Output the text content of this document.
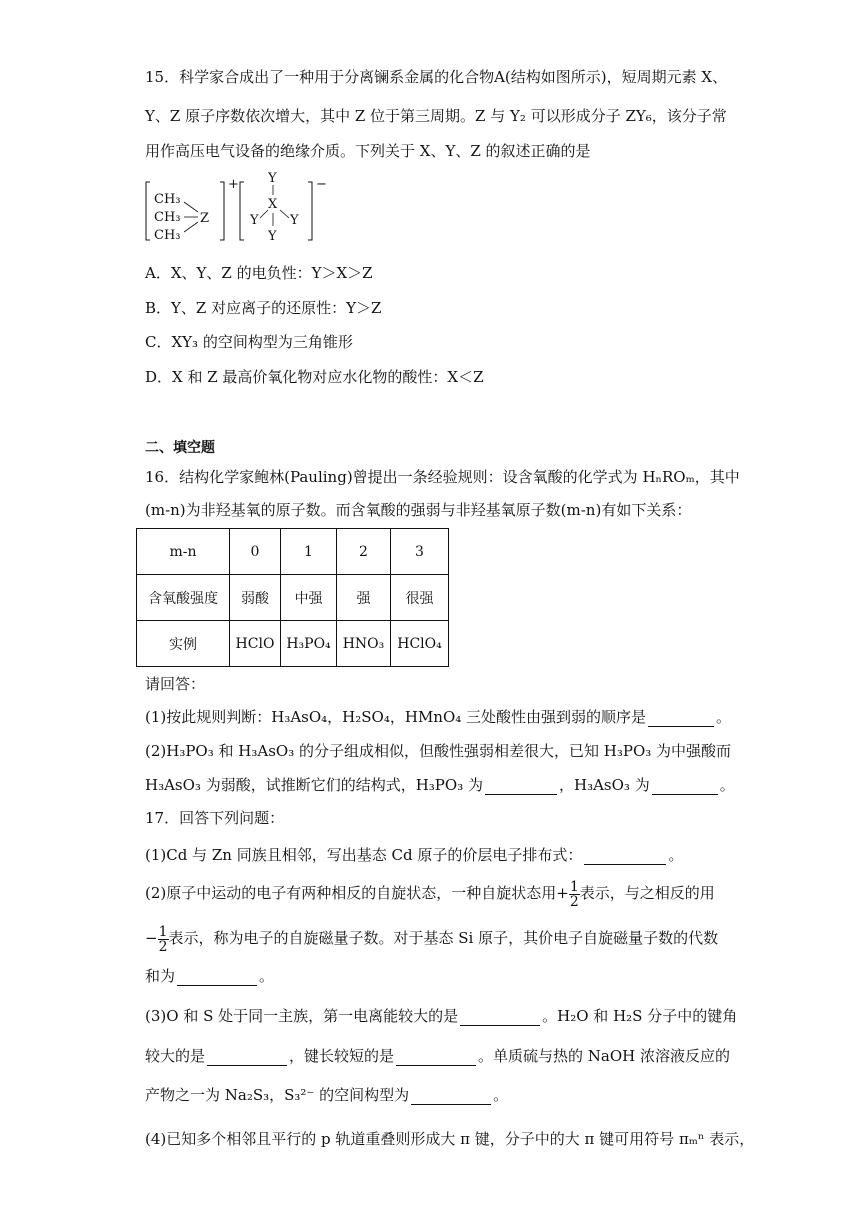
15．科学家合成出了一种用于分离镧系金属的化合物A(结构如图所示)，短周期元素 X、
Y、Z 原子序数依次增大，其中 Z 位于第三周期。Z 与 Y₂ 可以形成分子 ZY₆，该分子常
用作高压电气设备的绝缘介质。下列关于 X、Y、Z 的叙述正确的是
CH₃
CH₃
CH₃
Z
+ Y
X
Y Y
Y
−
A．X、Y、Z 的电负性：Y＞X＞Z
B．Y、Z 对应离子的还原性：Y＞Z
C．XY₃ 的空间构型为三角锥形
D．X 和 Z 最高价氧化物对应水化物的酸性：X＜Z
二、填空题
16．结构化学家鲍林(Pauling)曾提出一条经验规则：设含氧酸的化学式为 HₙROₘ，其中
(m-n)为非羟基氧的原子数。而含氧酸的强弱与非羟基氧原子数(m-n)有如下关系：
m-n	0	1	2	3
含氧酸强度	弱酸	中强	强	很强
实例	HClO	H₃PO₄	HNO₃	HClO₄
请回答：
(1)按此规则判断：H₃AsO₄，H₂SO₄，HMnO₄ 三处酸性由强到弱的顺序是	。
(2)H₃PO₃ 和 H₃AsO₃ 的分子组成相似，但酸性强弱相差很大，已知 H₃PO₃ 为中强酸而
H₃AsO₃ 为弱酸，试推断它们的结构式，H₃PO₃ 为	，H₃AsO₃ 为	。
17．回答下列问题：
(1)Cd 与 Zn 同族且相邻，写出基态 Cd 原子的价层电子排布式：	。
(2)原子中运动的电子有两种相反的自旋状态，一种自旋状态用+ $\frac{1}{2}$ 表示，与之相反的用
− $\frac{1}{2}$ 表示，称为电子的自旋磁量子数。对于基态 Si 原子，其价电子自旋磁量子数的代数
和为	。
(3)O 和 S 处于同一主族，第一电离能较大的是	。H₂O 和 H₂S 分子中的键角
较大的是	，键长较短的是	。单质硫与热的 NaOH 浓溶液反应的
产物之一为 Na₂S₃，S₃²⁻ 的空间构型为	。
(4)已知多个相邻且平行的 p 轨道重叠则形成大 π 键，分子中的大 π 键可用符号 πₘⁿ 表示，
